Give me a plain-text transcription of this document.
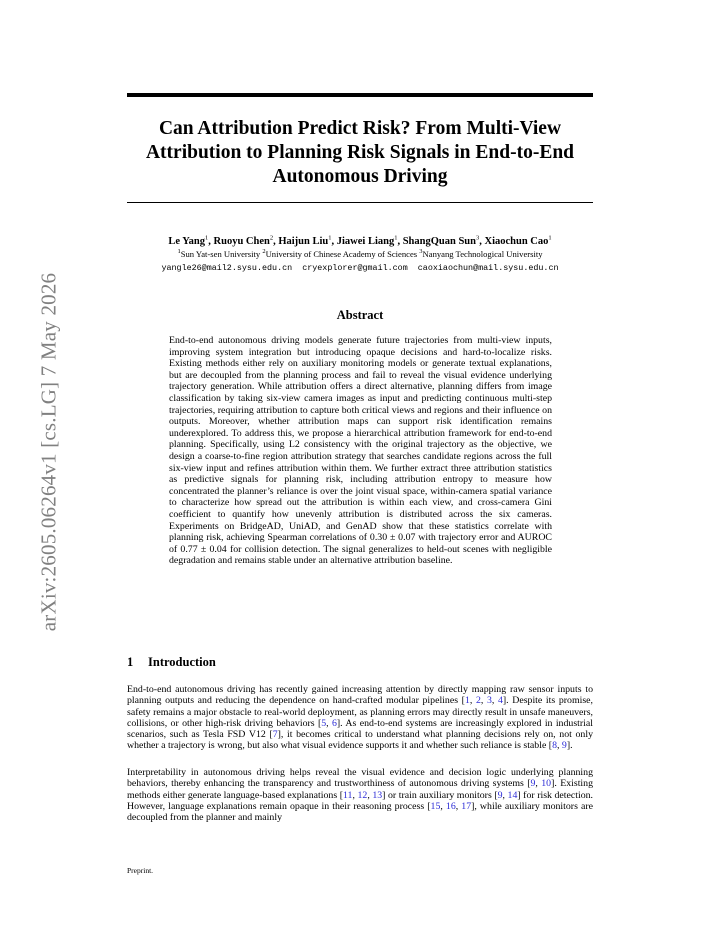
arXiv:2605.06264v1 [cs.LG] 7 May 2026
Can Attribution Predict Risk? From Multi-View Attribution to Planning Risk Signals in End-to-End Autonomous Driving
Le Yang$^1$, Ruoyu Chen$^2$, Haijun Liu$^1$, Jiawei Liang$^1$, ShangQuan Sun$^3$, Xiaochun Cao$^1$
$^1$Sun Yat-sen University $^2$University of Chinese Academy of Sciences $^3$Nanyang Technological University
yangle26@mail2.sysu.edu.cn  cryexplorer@gmail.com  caoxiaochun@mail.sysu.edu.cn
Abstract
End-to-end autonomous driving models generate future trajectories from multi-view inputs, improving system integration but introducing opaque decisions and hard-to-localize risks. Existing methods either rely on auxiliary monitoring models or generate textual explanations, but are decoupled from the planning process and fail to reveal the visual evidence underlying trajectory generation. While attribution offers a direct alternative, planning differs from image classification by taking six-view camera images as input and predicting continuous multi-step trajectories, requiring attribution to capture both critical views and regions and their influence on outputs. Moreover, whether attribution maps can support risk identification remains underexplored. To address this, we propose a hierarchical attribution framework for end-to-end planning. Specifically, using L2 consistency with the original trajectory as the objective, we design a coarse-to-fine region attribution strategy that searches candidate regions across the full six-view input and refines attribution within them. We further extract three attribution statistics as predictive signals for planning risk, including attribution entropy to measure how concentrated the planner’s reliance is over the joint visual space, within-camera spatial variance to characterize how spread out the attribution is within each view, and cross-camera Gini coefficient to quantify how unevenly attribution is distributed across the six cameras. Experiments on BridgeAD, UniAD, and GenAD show that these statistics correlate with planning risk, achieving Spearman correlations of 0.30 ± 0.07 with trajectory error and AUROC of 0.77 ± 0.04 for collision detection. The signal generalizes to held-out scenes with negligible degradation and remains stable under an alternative attribution baseline.
1 Introduction
End-to-end autonomous driving has recently gained increasing attention by directly mapping raw sensor inputs to planning outputs and reducing the dependence on hand-crafted modular pipelines [1, 2, 3, 4]. Despite its promise, safety remains a major obstacle to real-world deployment, as planning errors may directly result in unsafe maneuvers, collisions, or other high-risk driving behaviors [5, 6]. As end-to-end systems are increasingly explored in industrial scenarios, such as Tesla FSD V12 [7], it becomes critical to understand what planning decisions rely on, not only whether a trajectory is wrong, but also what visual evidence supports it and whether such reliance is stable [8, 9].
Interpretability in autonomous driving helps reveal the visual evidence and decision logic underlying planning behaviors, thereby enhancing the transparency and trustworthiness of autonomous driving systems [9, 10]. Existing methods either generate language-based explanations [11, 12, 13] or train auxiliary monitors [9, 14] for risk detection. However, language explanations remain opaque in their reasoning process [15, 16, 17], while auxiliary monitors are decoupled from the planner and mainly
Preprint.
